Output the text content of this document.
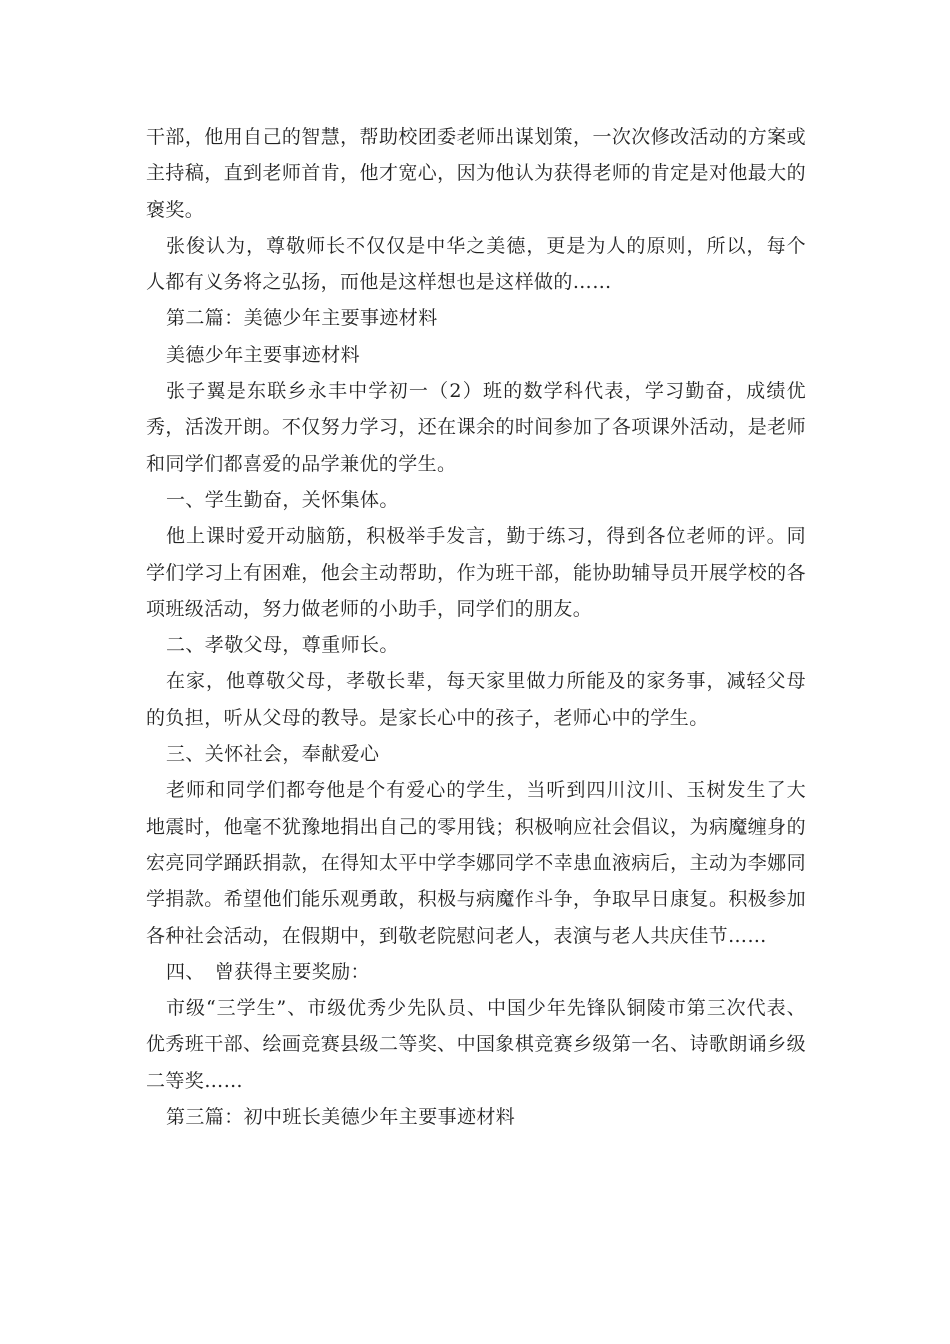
干部，他用自己的智慧，帮助校团委老师出谋划策，一次次修改活动的方案或主持稿，直到老师首肯，他才宽心，因为他认为获得老师的肯定是对他最大的褒奖。

张俊认为，尊敬师长不仅仅是中华之美德，更是为人的原则，所以，每个人都有义务将之弘扬，而他是这样想也是这样做的……

第二篇：美德少年主要事迹材料

美德少年主要事迹材料

张子翼是东联乡永丰中学初一（2）班的数学科代表，学习勤奋，成绩优秀，活泼开朗。不仅努力学习，还在课余的时间参加了各项课外活动，是老师和同学们都喜爱的品学兼优的学生。

一、学生勤奋，关怀集体。

他上课时爱开动脑筋，积极举手发言，勤于练习，得到各位老师的评。同学们学习上有困难，他会主动帮助，作为班干部，能协助辅导员开展学校的各项班级活动，努力做老师的小助手，同学们的朋友。

二、孝敬父母，尊重师长。

在家，他尊敬父母，孝敬长辈，每天家里做力所能及的家务事，减轻父母的负担，听从父母的教导。是家长心中的孩子，老师心中的学生。

三、关怀社会，奉献爱心

老师和同学们都夸他是个有爱心的学生，当听到四川汶川、玉树发生了大地震时，他毫不犹豫地捐出自己的零用钱；积极响应社会倡议，为病魔缠身的宏亮同学踊跃捐款，在得知太平中学李娜同学不幸患血液病后，主动为李娜同学捐款。希望他们能乐观勇敢，积极与病魔作斗争，争取早日康复。积极参加各种社会活动，在假期中，到敬老院慰问老人，表演与老人共庆佳节……

四、　曾获得主要奖励：

市级“三学生”、市级优秀少先队员、中国少年先锋队铜陵市第三次代表、优秀班干部、绘画竞赛县级二等奖、中国象棋竞赛乡级第一名、诗歌朗诵乡级二等奖……

第三篇：初中班长美德少年主要事迹材料
